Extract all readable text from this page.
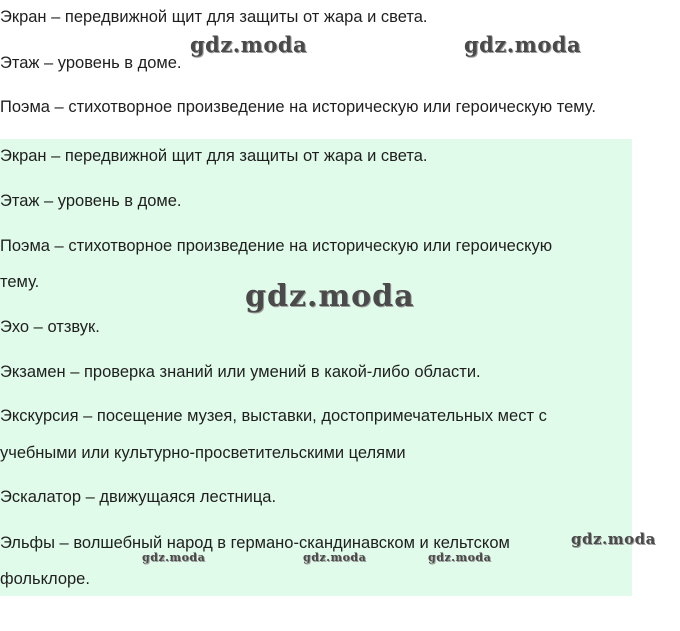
Экран – передвижной щит для защиты от жара и света.
Этаж – уровень в доме.
Поэма – стихотворное произведение на историческую или героическую тему.
Экран – передвижной щит для защиты от жара и света.
Этаж – уровень в доме.
Поэма – стихотворное произведение на историческую или героическую
тему.
Эхо – отзвук.
Экзамен – проверка знаний или умений в какой-либо области.
Экскурсия – посещение музея, выставки, достопримечательных мест с
учебными или культурно-просветительскими целями
Эскалатор – движущаяся лестница.
Эльфы – волшебный народ в германо-скандинавском и кельтском
фольклоре.
gdz.moda	gdz.moda
gdz.moda
gdz.moda
gdz.moda	gdz.moda	gdz.moda
